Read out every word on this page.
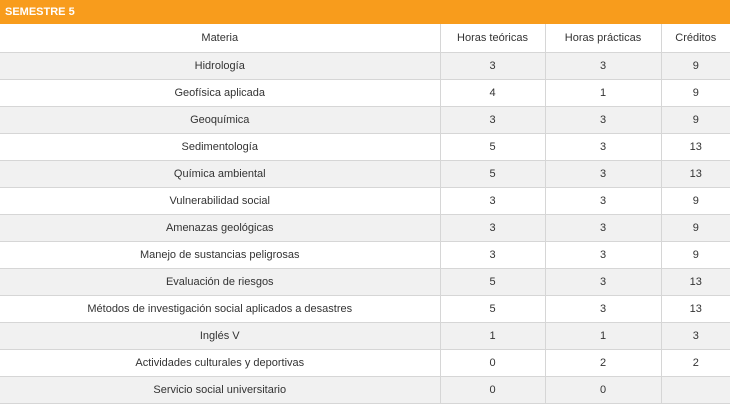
SEMESTRE 5
Materia	Horas teóricas	Horas prácticas	Créditos
Hidrología	3	3	9
Geofísica aplicada	4	1	9
Geoquímica	3	3	9
Sedimentología	5	3	13
Química ambiental	5	3	13
Vulnerabilidad social	3	3	9
Amenazas geológicas	3	3	9
Manejo de sustancias peligrosas	3	3	9
Evaluación de riesgos	5	3	13
Métodos de investigación social aplicados a desastres	5	3	13
Inglés V	1	1	3
Actividades culturales y deportivas	0	2	2
Servicio social universitario	0	0	
